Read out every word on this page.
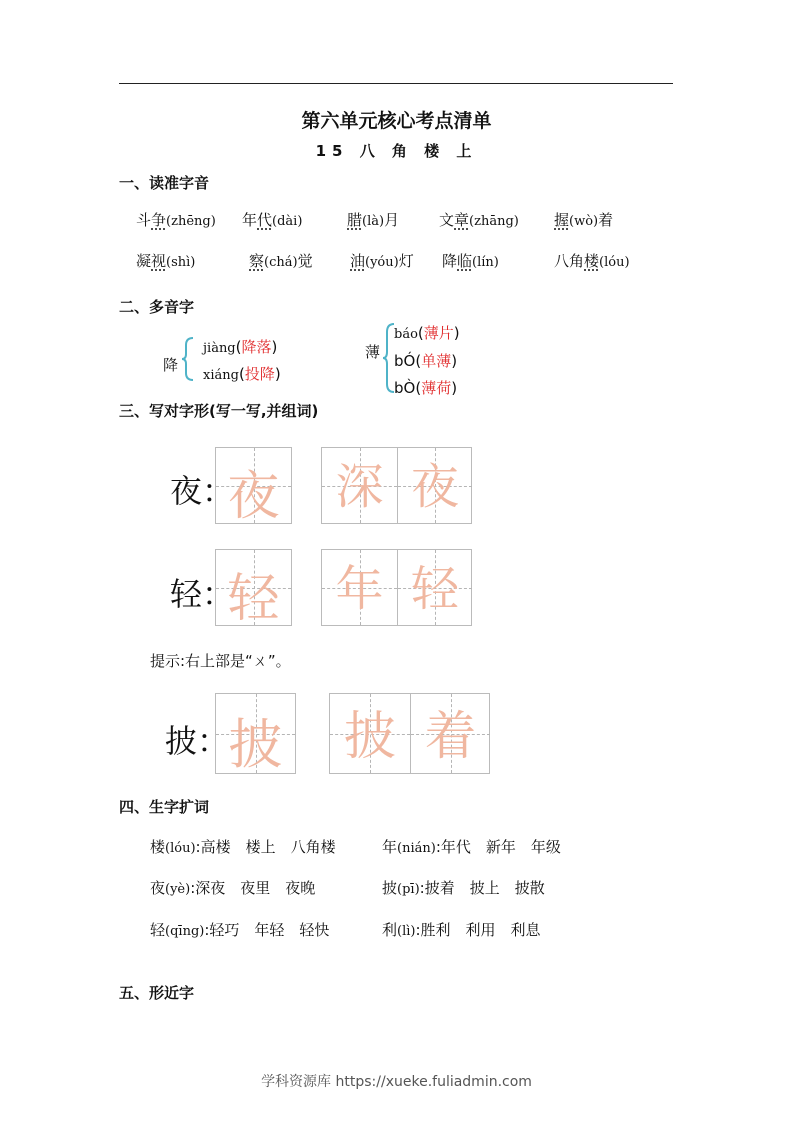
第六单元核心考点清单
15 八 角 楼 上
一、读准字音
斗争(zhēng) 年代(dài)	腊(là)月	文章(zhāng) 握(wò)着
凝视(shì)	察(chá)觉 油(yóu)灯 降临(lín)	八角楼(lóu)
二、多音字
降
jiàng(降落)
xiáng(投降)
薄
báo(薄片)
bÓ(单薄)
bÒ(薄荷)
三、写对字形(写一写,并组词)
夜：
夜 深 夜
轻：
轻 年 轻
提示:右上部是“ㄨ”。
披： 披 披 着
四、生字扩词
楼(lóu):高楼　楼上　八角楼	年(nián):年代　新年　年级
夜(yè):深夜　夜里　夜晚	披(pī):披着　披上　披散
轻(qīng):轻巧　年轻　轻快	利(lì):胜利　利用　利息
五、形近字
学科资源库 https://xueke.fuliadmin.com
